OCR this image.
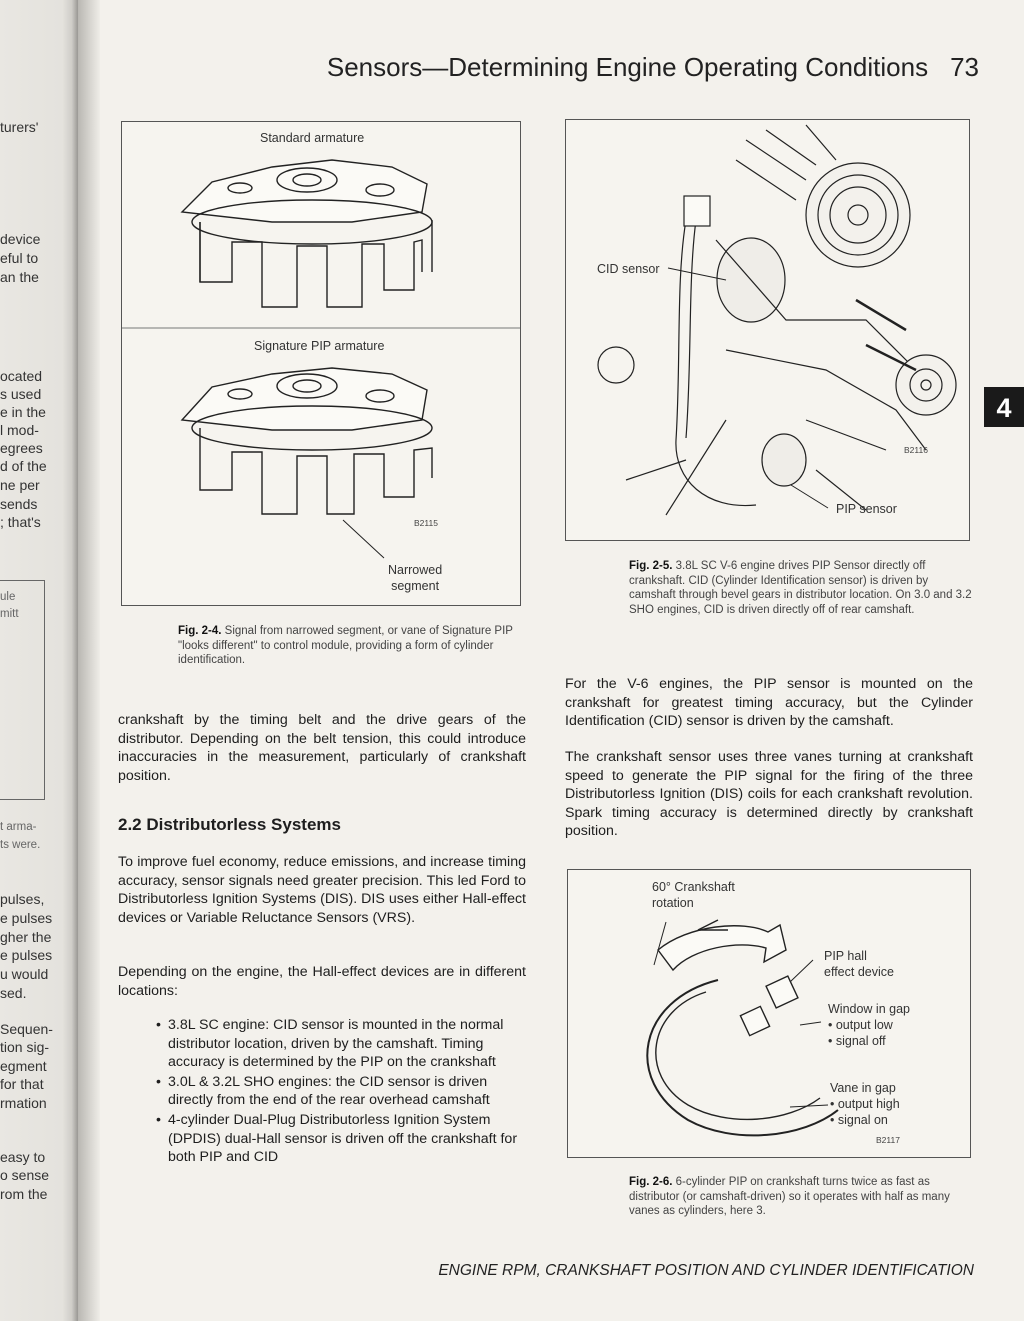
turers'
device
eful to
an the
ocated
s used
e in the
l mod-
egrees
d of the
ne per
sends
; that's
ule
mitt
t arma-
ts were.
pulses,
e pulses
gher the
e pulses
u would
sed.
Sequen-
tion sig-
egment
for that
rmation
easy to
o sense
rom the
Sensors—Determining Engine Operating Conditions 73
4
Standard armature
Signature PIP armature
Narrowed
segment
B2115
Fig. 2-4. Signal from narrowed segment, or vane of Signature PIP "looks different" to control module, providing a form of cylinder identification.
CID sensor
PIP sensor
B2116
Fig. 2-5. 3.8L SC V-6 engine drives PIP Sensor directly off crankshaft. CID (Cylinder Identification sensor) is driven by camshaft through bevel gears in distributor location. On 3.0 and 3.2 SHO engines, CID is driven directly off of rear camshaft.
crankshaft by the timing belt and the drive gears of the distributor. Depending on the belt tension, this could introduce inaccuracies in the measurement, particularly of crankshaft position.
2.2 Distributorless Systems
To improve fuel economy, reduce emissions, and increase timing accuracy, sensor signals need greater precision. This led Ford to Distributorless Ignition Systems (DIS). DIS uses either Hall-effect devices or Variable Reluctance Sensors (VRS).
Depending on the engine, the Hall-effect devices are in different locations:
• 3.8L SC engine: CID sensor is mounted in the normal distributor location, driven by the camshaft. Timing accuracy is determined by the PIP on the crankshaft
• 3.0L & 3.2L SHO engines: the CID sensor is driven directly from the end of the rear overhead camshaft
• 4-cylinder Dual-Plug Distributorless Ignition System (DPDIS) dual-Hall sensor is driven off the crankshaft for both PIP and CID
For the V-6 engines, the PIP sensor is mounted on the crankshaft for greatest timing accuracy, but the Cylinder Identification (CID) sensor is driven by the camshaft.
The crankshaft sensor uses three vanes turning at crankshaft speed to generate the PIP signal for the firing of the three Distributorless Ignition (DIS) coils for each crankshaft revolution. Spark timing accuracy is determined directly by crankshaft position.
60° Crankshaft
rotation
PIP hall
effect device
Window in gap
• output low
• signal off
Vane in gap
• output high
• signal on
B2117
Fig. 2-6. 6-cylinder PIP on crankshaft turns twice as fast as distributor (or camshaft-driven) so it operates with half as many vanes as cylinders, here 3.
ENGINE RPM, CRANKSHAFT POSITION AND CYLINDER IDENTIFICATION
